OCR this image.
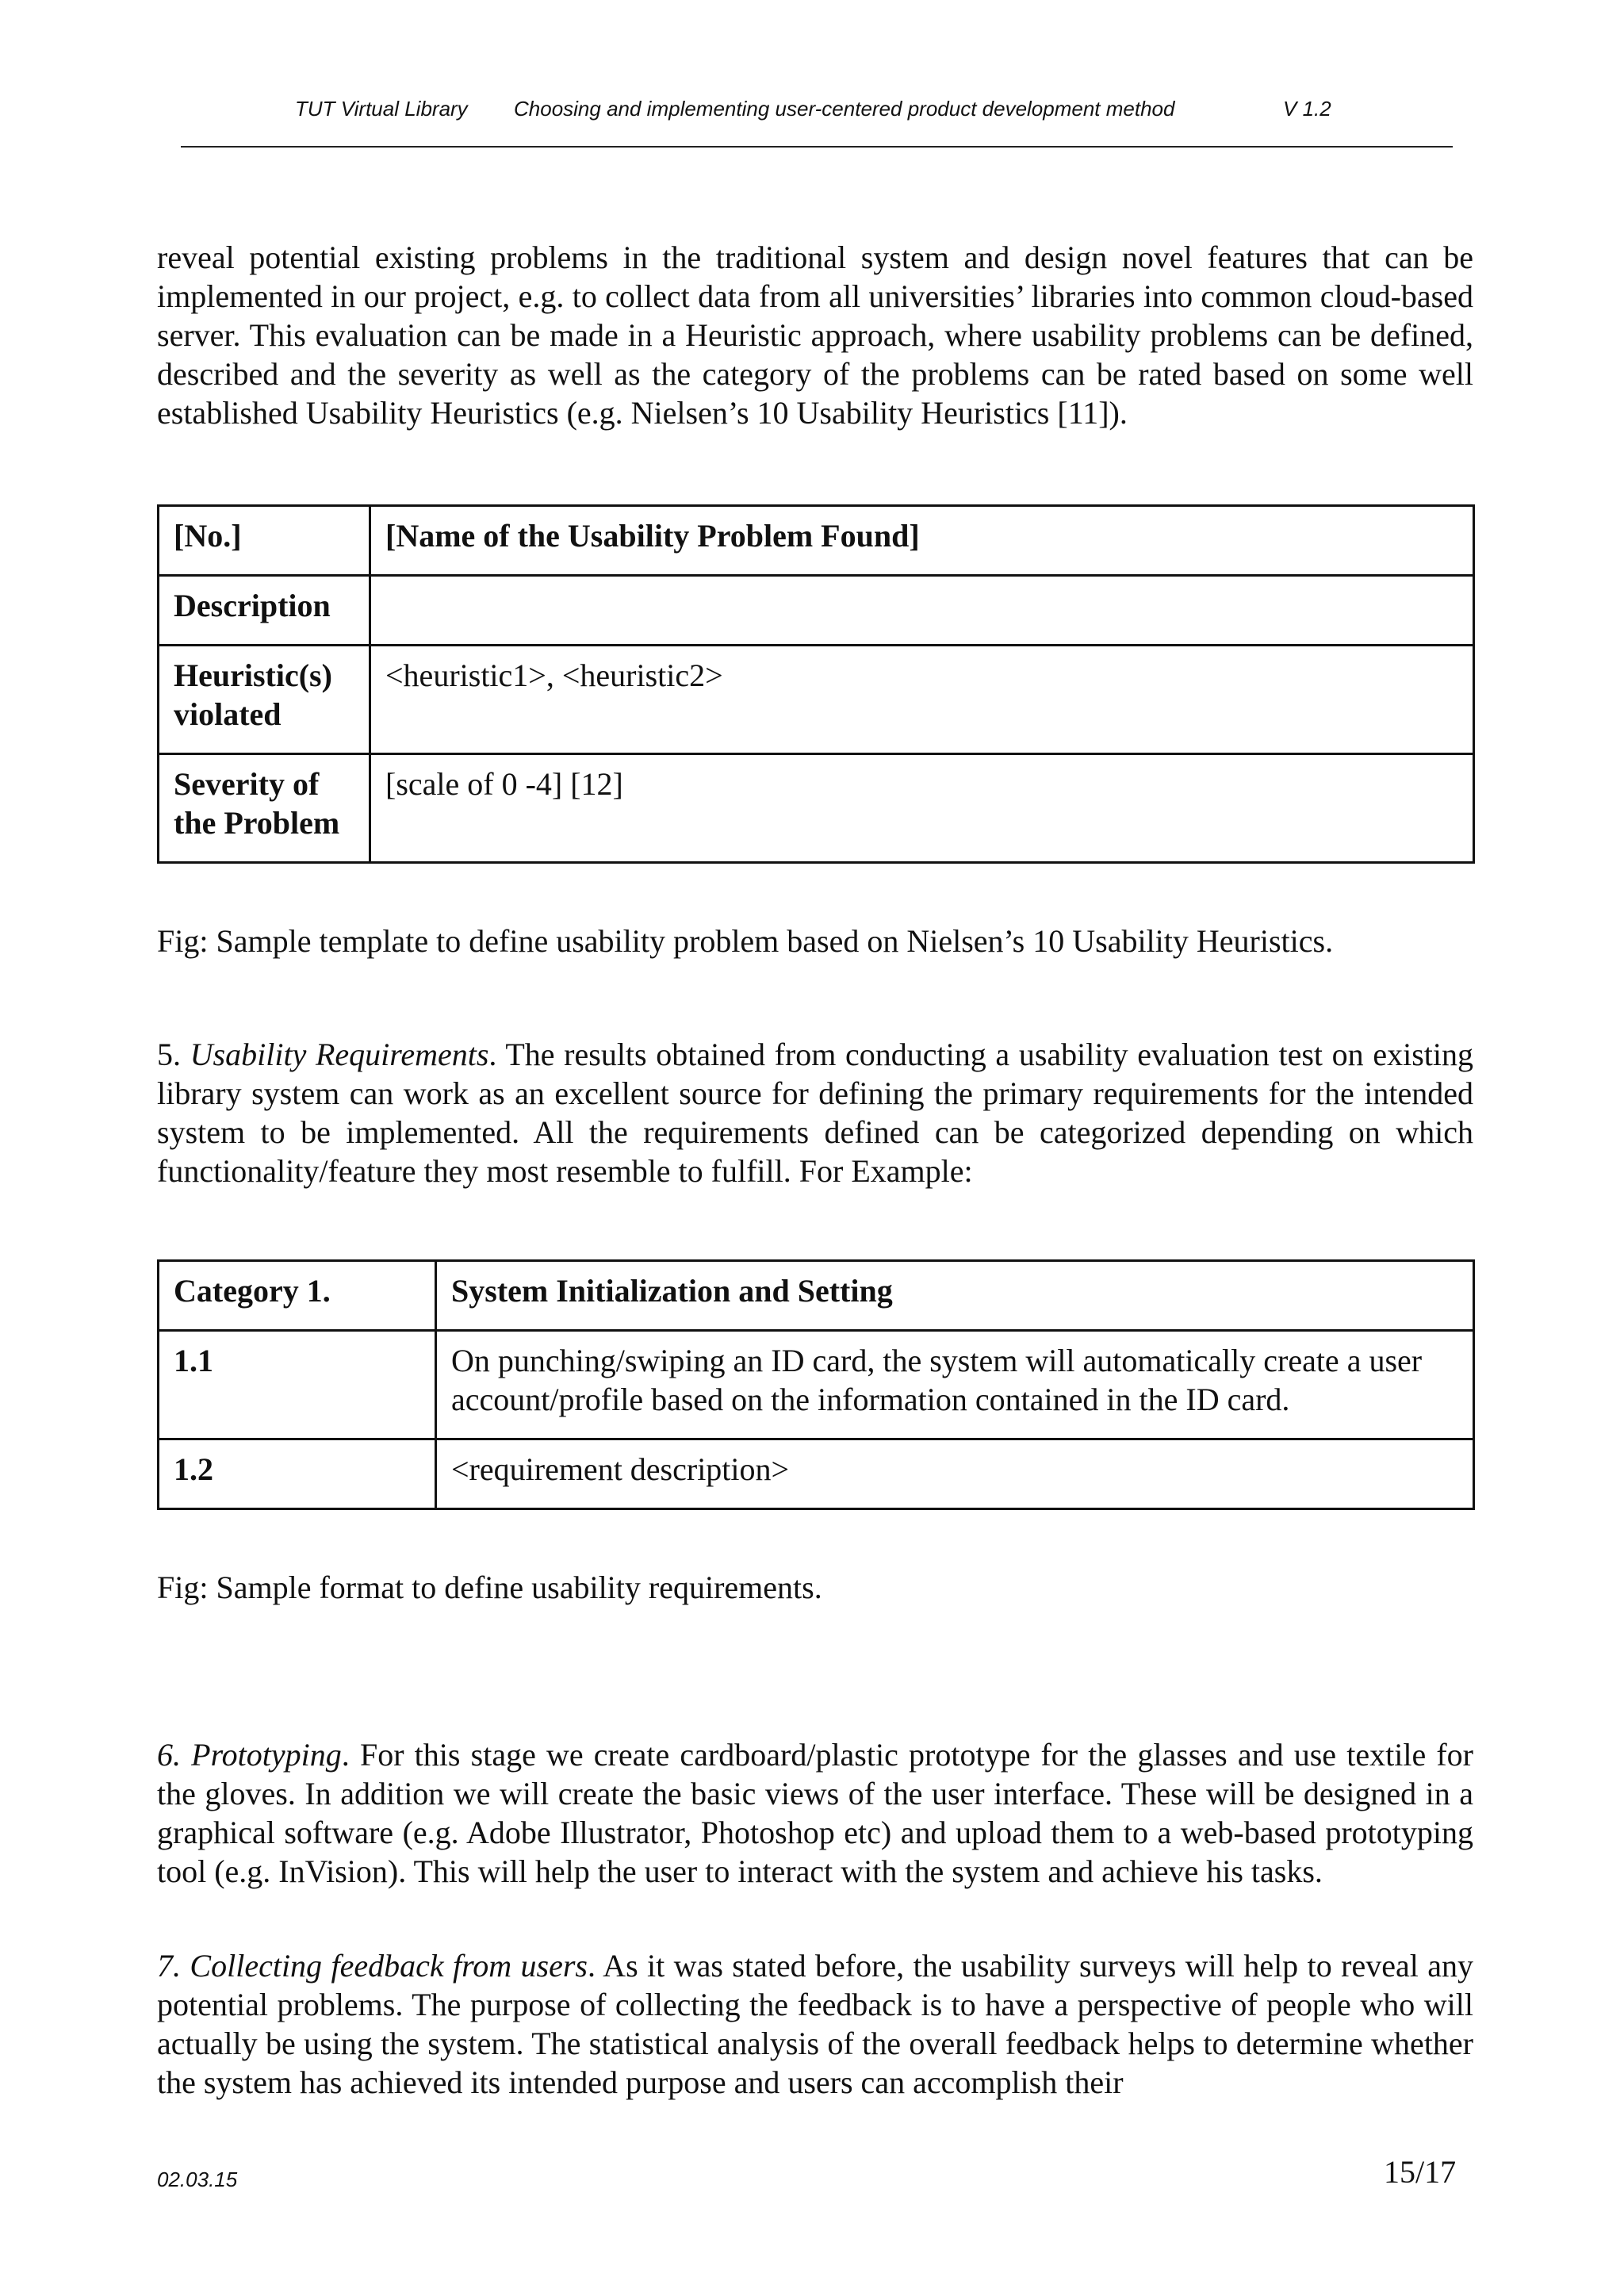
TUT Virtual Library Choosing and implementing user-centered product development method	V 1.2

reveal potential existing problems in the traditional system and design novel features that can be implemented in our project, e.g. to collect data from all universities’ libraries into common cloud-based server. This evaluation can be made in a Heuristic approach, where usability problems can be defined, described and the severity as well as the category of the problems can be rated based on some well established Usability Heuristics (e.g. Nielsen’s 10 Usability Heuristics [11]).

[No.]	[Name of the Usability Problem Found]
Description	
Heuristic(s) violated	<heuristic1>, <heuristic2>
Severity of the Problem	[scale of 0 -4] [12]

Fig: Sample template to define usability problem based on Nielsen’s 10 Usability Heuristics.

5. Usability Requirements. The results obtained from conducting a usability evaluation test on existing library system can work as an excellent source for defining the primary requirements for the intended system to be implemented. All the requirements defined can be categorized depending on which functionality/feature they most resemble to fulfill. For Example:

Category 1.	System Initialization and Setting
1.1	On punching/swiping an ID card, the system will automatically create a user account/profile based on the information contained in the ID card.
1.2	<requirement description>

Fig: Sample format to define usability requirements.

6. Prototyping. For this stage we create cardboard/plastic prototype for the glasses and use textile for the gloves. In addition we will create the basic views of the user interface. These will be designed in a graphical software (e.g. Adobe Illustrator, Photoshop etc) and upload them to a web-based prototyping tool (e.g. InVision). This will help the user to interact with the system and achieve his tasks.

7. Collecting feedback from users. As it was stated before, the usability surveys will help to reveal any potential problems. The purpose of collecting the feedback is to have a perspective of people who will actually be using the system. The statistical analysis of the overall feedback helps to determine whether the system has achieved its intended purpose and users can accomplish their

02.03.15	15/17
